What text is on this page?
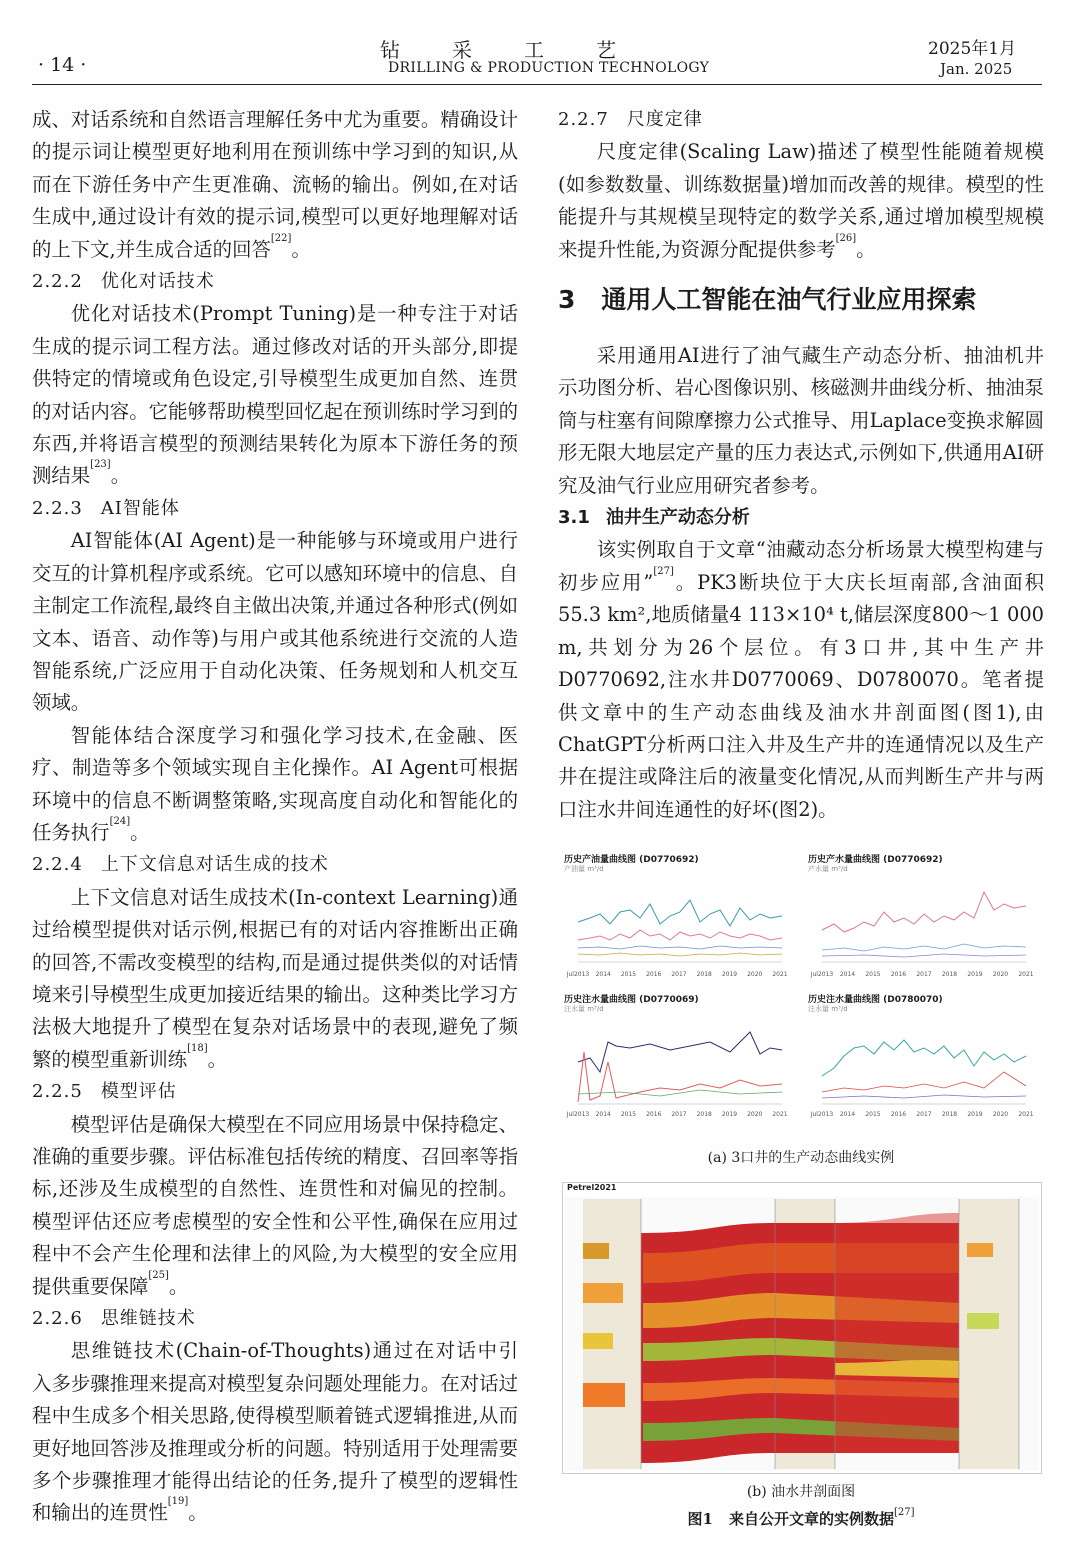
· 14 ·
钻采工艺
DRILLING & PRODUCTION TECHNOLOGY
2025年1月
Jan. 2025

成、对话系统和自然语言理解任务中尤为重要。精确设计的提示词让模型更好地利用在预训练中学习到的知识,从而在下游任务中产生更准确、流畅的输出。例如,在对话生成中,通过设计有效的提示词,模型可以更好地理解对话的上下文,并生成合适的回答[22]。

2.2.2 优化对话技术

优化对话技术(Prompt Tuning)是一种专注于对话生成的提示词工程方法。通过修改对话的开头部分,即提供特定的情境或角色设定,引导模型生成更加自然、连贯的对话内容。它能够帮助模型回忆起在预训练时学习到的东西,并将语言模型的预测结果转化为原本下游任务的预测结果[23]。

2.2.3 AI智能体

AI智能体(AI Agent)是一种能够与环境或用户进行交互的计算机程序或系统。它可以感知环境中的信息、自主制定工作流程,最终自主做出决策,并通过各种形式(例如文本、语音、动作等)与用户或其他系统进行交流的人造智能系统,广泛应用于自动化决策、任务规划和人机交互领域。

智能体结合深度学习和强化学习技术,在金融、医疗、制造等多个领域实现自主化操作。AI Agent可根据环境中的信息不断调整策略,实现高度自动化和智能化的任务执行[24]。

2.2.4 上下文信息对话生成的技术

上下文信息对话生成技术(In-context Learning)通过给模型提供对话示例,根据已有的对话内容推断出正确的回答,不需改变模型的结构,而是通过提供类似的对话情境来引导模型生成更加接近结果的输出。这种类比学习方法极大地提升了模型在复杂对话场景中的表现,避免了频繁的模型重新训练[18]。

2.2.5 模型评估

模型评估是确保大模型在不同应用场景中保持稳定、准确的重要步骤。评估标准包括传统的精度、召回率等指标,还涉及生成模型的自然性、连贯性和对偏见的控制。模型评估还应考虑模型的安全性和公平性,确保在应用过程中不会产生伦理和法律上的风险,为大模型的安全应用提供重要保障[25]。

2.2.6 思维链技术

思维链技术(Chain-of-Thoughts)通过在对话中引入多步骤推理来提高对模型复杂问题处理能力。在对话过程中生成多个相关思路,使得模型顺着链式逻辑推进,从而更好地回答涉及推理或分析的问题。特别适用于处理需要多个步骤推理才能得出结论的任务,提升了模型的逻辑性和输出的连贯性[19]。

2.2.7 尺度定律

尺度定律(Scaling Law)描述了模型性能随着规模(如参数数量、训练数据量)增加而改善的规律。模型的性能提升与其规模呈现特定的数学关系,通过增加模型规模来提升性能,为资源分配提供参考[26]。

3 通用人工智能在油气行业应用探索

采用通用AI进行了油气藏生产动态分析、抽油机井示功图分析、岩心图像识别、核磁测井曲线分析、抽油泵筒与柱塞有间隙摩擦力公式推导、用Laplace变换求解圆形无限大地层定产量的压力表达式,示例如下,供通用AI研究及油气行业应用研究者参考。

3.1 油井生产动态分析

该实例取自于文章“油藏动态分析场景大模型构建与初步应用”[27]。PK3断块位于大庆长垣南部,含油面积55.3 km²,地质储量4 113×10⁴ t,储层深度800～1 000 m,共划分为26个层位。有3口井,其中生产井D0770692,注水井D0770069、D0780070。笔者提供文章中的生产动态曲线及油水井剖面图(图1),由ChatGPT分析两口注入井及生产井的连通情况以及生产井在提注或降注后的液量变化情况,从而判断生产井与两口注水井间连通性的好坏(图2)。

历史产油量曲线图 (D0770692)
产油量 m³/d
Jul2013 2014 2015 2016 2017 2018 2019 2020 2021
历史产水量曲线图 (D0770692)
产水量 m³/d
Jul2013 2014 2015 2016 2017 2018 2019 2020 2021
历史注水量曲线图 (D0770069)
注水量 m³/d
Jul2013 2014 2015 2016 2017 2018 2019 2020 2021
历史注水量曲线图 (D0780070)
注水量 m³/d
Jul2013 2014 2015 2016 2017 2018 2019 2020 2021
(a) 3口井的生产动态曲线实例
Petrel2021
(b) 油水井剖面图
图1 来自公开文章的实例数据[27]
